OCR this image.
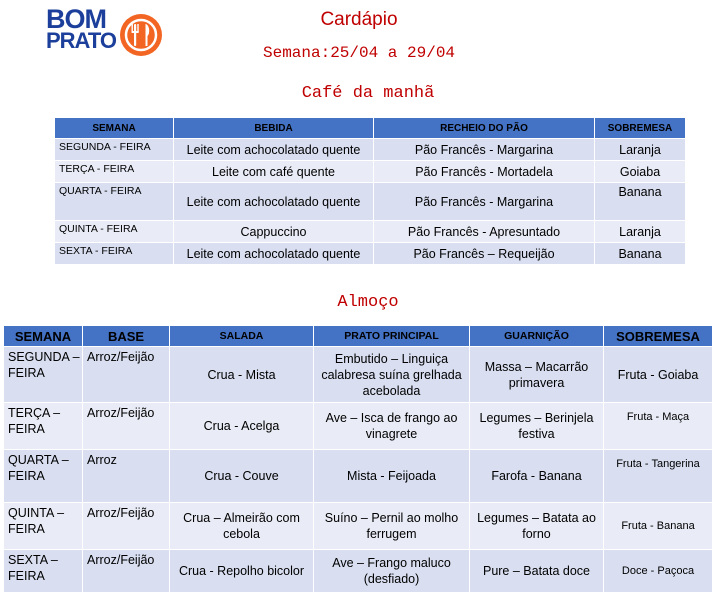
BOM
PRATO
Cardápio
Semana:25/04 a 29/04
Café da manhã
SEMANA	BEBIDA	RECHEIO DO PÃO	SOBREMESA
SEGUNDA - FEIRA	Leite com achocolatado quente	Pão Francês - Margarina	Laranja
TERÇA - FEIRA	Leite com café quente	Pão Francês - Mortadela	Goiaba
QUARTA - FEIRA	Leite com achocolatado quente	Pão Francês - Margarina	Banana
QUINTA - FEIRA	Cappuccino	Pão Francês - Apresuntado	Laranja
SEXTA - FEIRA	Leite com achocolatado quente	Pão Francês – Requeijão	Banana
Almoço
SEMANA	BASE	SALADA	PRATO PRINCIPAL	GUARNIÇÃO	SOBREMESA
SEGUNDA – FEIRA	Arroz/Feijão	Crua - Mista	Embutido – Linguiça calabresa suína grelhada acebolada	Massa – Macarrão primavera	Fruta - Goiaba
TERÇA – FEIRA	Arroz/Feijão	Crua - Acelga	Ave – Isca de frango ao vinagrete	Legumes – Berinjela festiva	Fruta - Maça
QUARTA – FEIRA	Arroz	Crua - Couve	Mista - Feijoada	Farofa - Banana	Fruta - Tangerina
QUINTA – FEIRA	Arroz/Feijão	Crua – Almeirão com cebola	Suíno – Pernil ao molho ferrugem	Legumes – Batata ao forno	Fruta - Banana
SEXTA – FEIRA	Arroz/Feijão	Crua - Repolho bicolor	Ave – Frango maluco (desfiado)	Pure – Batata doce	Doce - Paçoca
